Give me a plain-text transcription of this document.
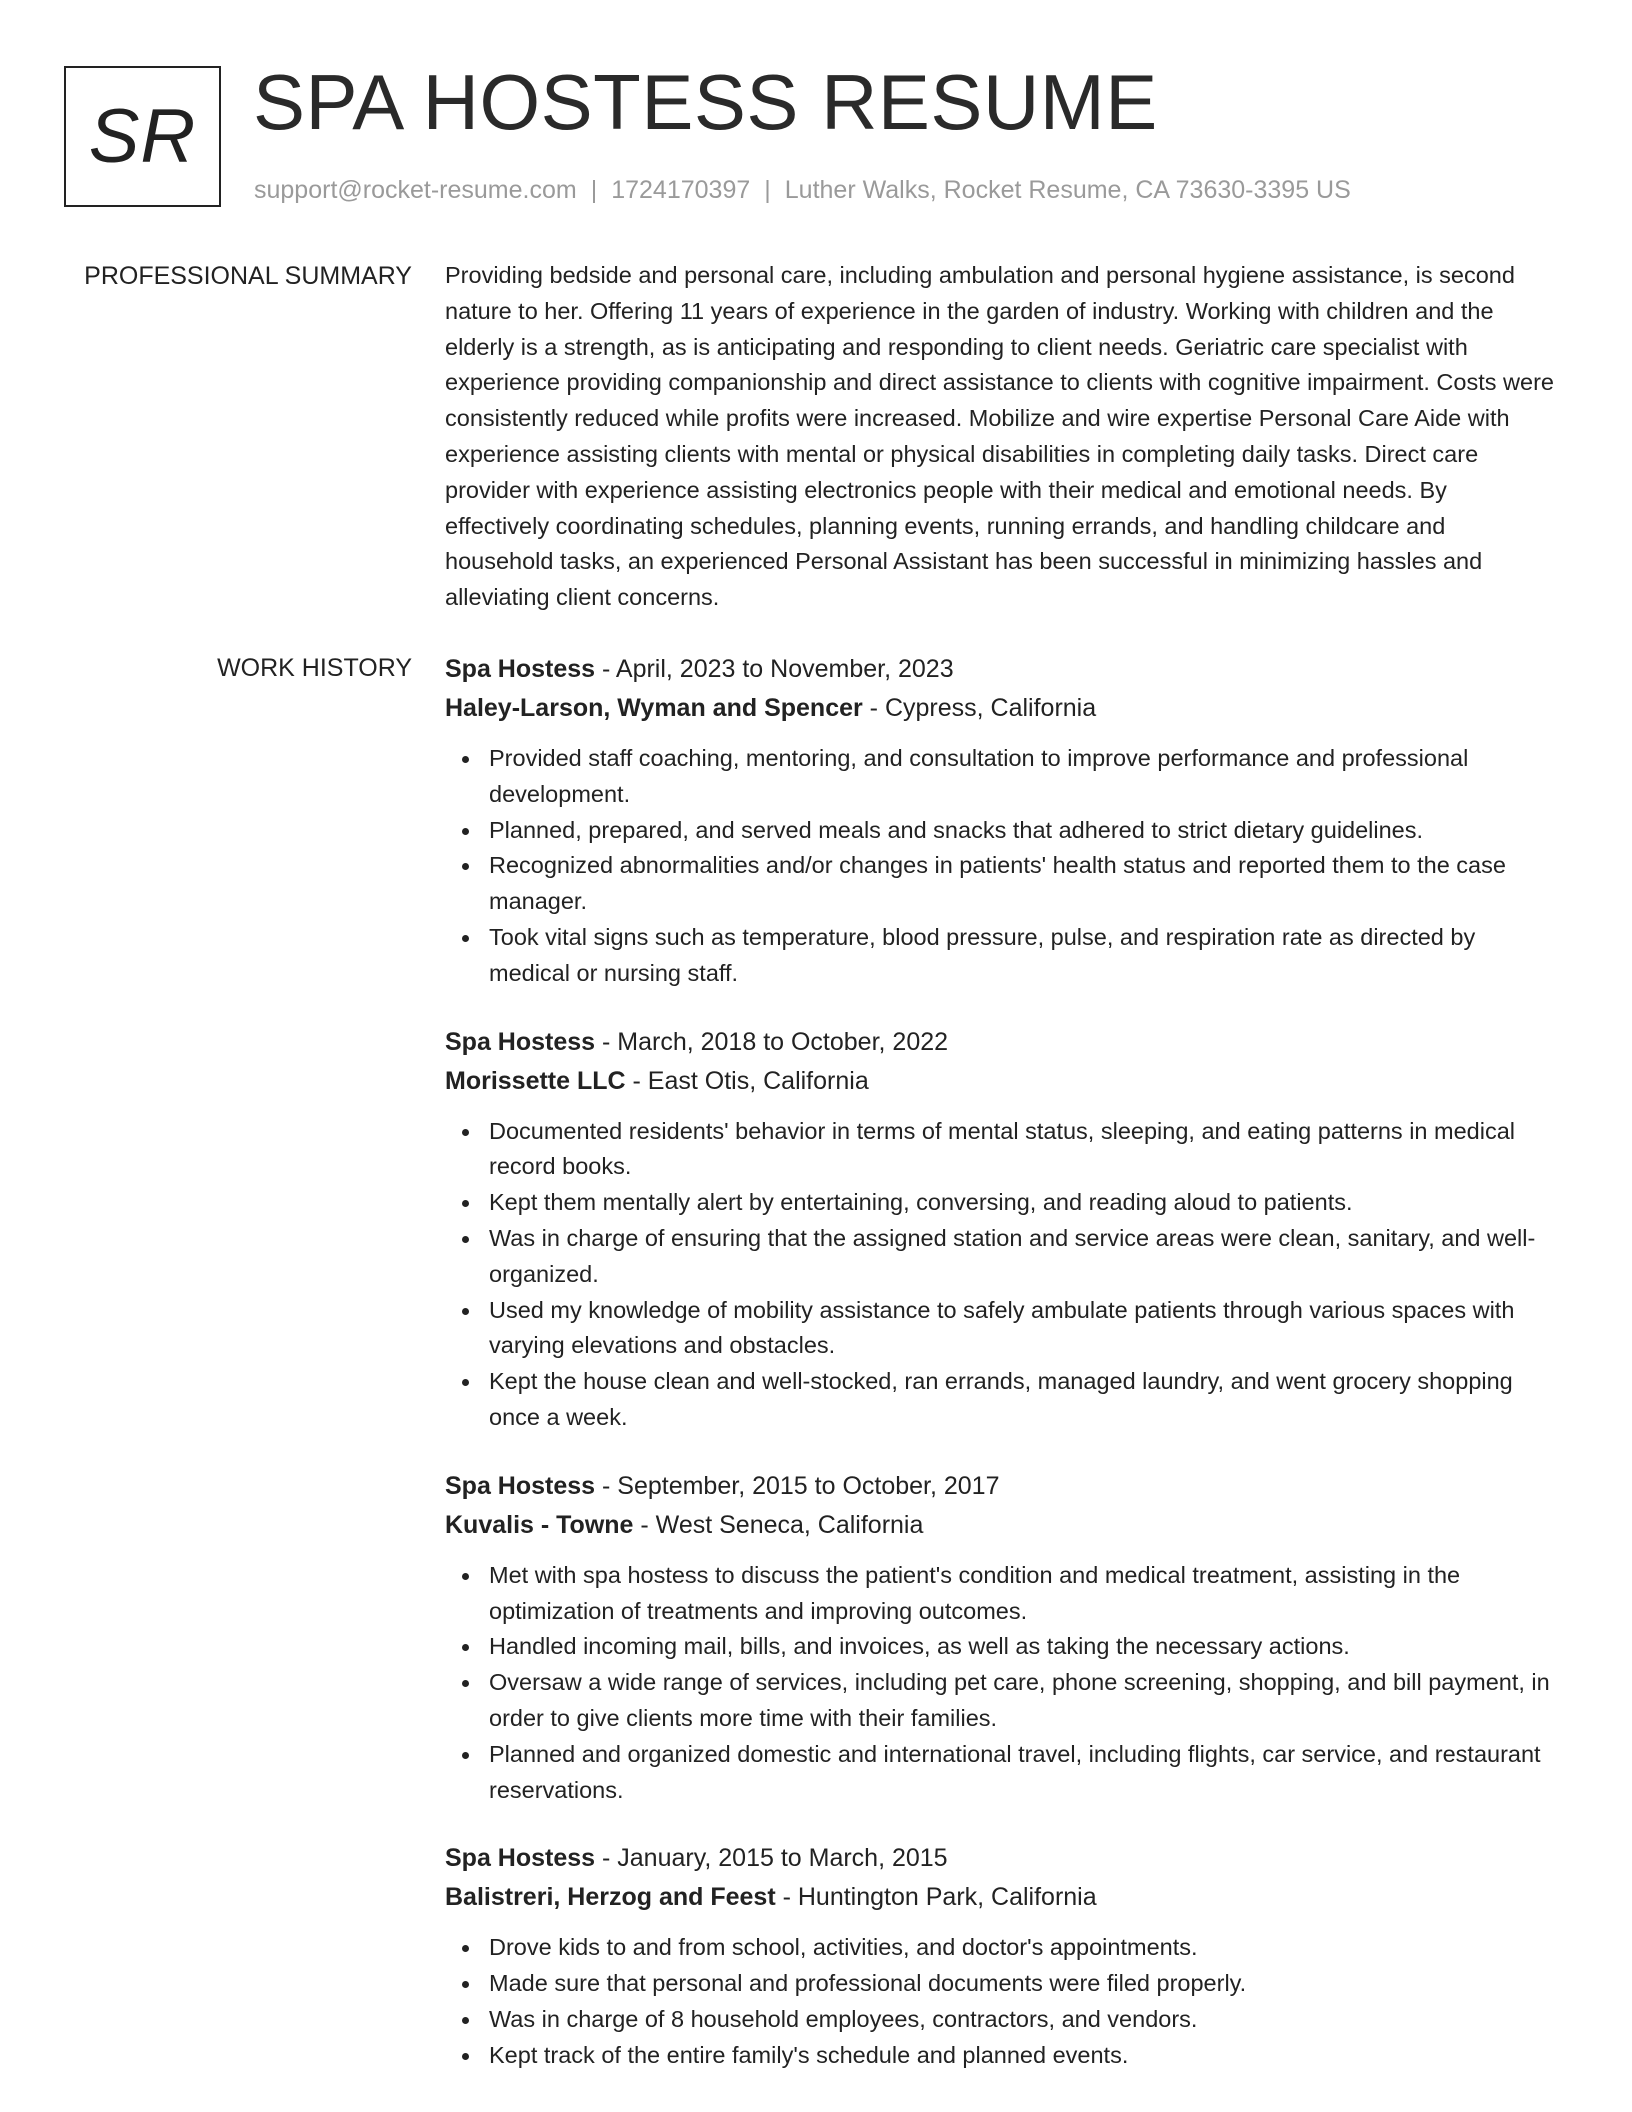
SR SPA HOSTESS RESUME
support@rocket-resume.com | 1724170397 | Luther Walks, Rocket Resume, CA 73630-3395 US
PROFESSIONAL SUMMARY Providing bedside and personal care, including ambulation and personal hygiene assistance, is second nature to her. Offering 11 years of experience in the garden of industry. Working with children and the elderly is a strength, as is anticipating and responding to client needs. Geriatric care specialist with experience providing companionship and direct assistance to clients with cognitive impairment. Costs were consistently reduced while profits were increased. Mobilize and wire expertise Personal Care Aide with experience assisting clients with mental or physical disabilities in completing daily tasks. Direct care provider with experience assisting electronics people with their medical and emotional needs. By effectively coordinating schedules, planning events, running errands, and handling childcare and household tasks, an experienced Personal Assistant has been successful in minimizing hassles and alleviating client concerns.

WORK HISTORY Spa Hostess - April, 2023 to November, 2023
Haley-Larson, Wyman and Spencer - Cypress, California
Provided staff coaching, mentoring, and consultation to improve performance and professional development.
Planned, prepared, and served meals and snacks that adhered to strict dietary guidelines.
Recognized abnormalities and/or changes in patients' health status and reported them to the case manager.
Took vital signs such as temperature, blood pressure, pulse, and respiration rate as directed by medical or nursing staff.
Spa Hostess - March, 2018 to October, 2022
Morissette LLC - East Otis, California
Documented residents' behavior in terms of mental status, sleeping, and eating patterns in medical record books.
Kept them mentally alert by entertaining, conversing, and reading aloud to patients.
Was in charge of ensuring that the assigned station and service areas were clean, sanitary, and well-organized.
Used my knowledge of mobility assistance to safely ambulate patients through various spaces with varying elevations and obstacles.
Kept the house clean and well-stocked, ran errands, managed laundry, and went grocery shopping once a week.
Spa Hostess - September, 2015 to October, 2017
Kuvalis - Towne - West Seneca, California
Met with spa hostess to discuss the patient's condition and medical treatment, assisting in the optimization of treatments and improving outcomes.
Handled incoming mail, bills, and invoices, as well as taking the necessary actions.
Oversaw a wide range of services, including pet care, phone screening, shopping, and bill payment, in order to give clients more time with their families.
Planned and organized domestic and international travel, including flights, car service, and restaurant reservations.
Spa Hostess - January, 2015 to March, 2015
Balistreri, Herzog and Feest - Huntington Park, California
Drove kids to and from school, activities, and doctor's appointments.
Made sure that personal and professional documents were filed properly.
Was in charge of 8 household employees, contractors, and vendors.
Kept track of the entire family's schedule and planned events.
